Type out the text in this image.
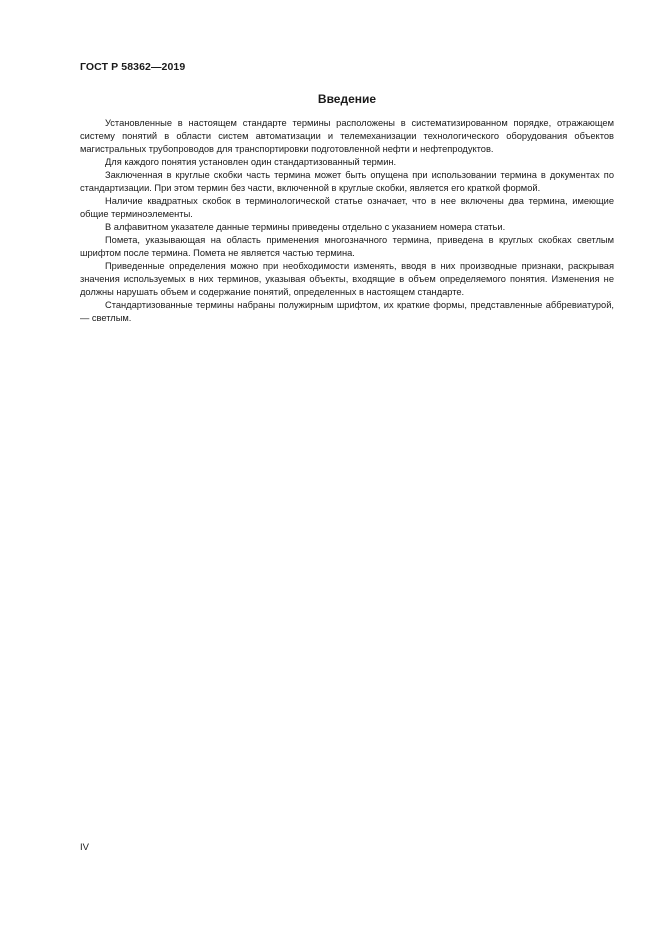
ГОСТ Р 58362—2019
Введение

Установленные в настоящем стандарте термины расположены в систематизированном порядке, отражающем систему понятий в области систем автоматизации и телемеханизации технологического оборудования объектов магистральных трубопроводов для транспортировки подготовленной нефти и нефтепродуктов.

Для каждого понятия установлен один стандартизованный термин.

Заключенная в круглые скобки часть термина может быть опущена при использовании термина в документах по стандартизации. При этом термин без части, включенной в круглые скобки, является его краткой формой.

Наличие квадратных скобок в терминологической статье означает, что в нее включены два термина, имеющие общие терминоэлементы.

В алфавитном указателе данные термины приведены отдельно с указанием номера статьи.

Помета, указывающая на область применения многозначного термина, приведена в круглых скобках светлым шрифтом после термина. Помета не является частью термина.

Приведенные определения можно при необходимости изменять, вводя в них производные признаки, раскрывая значения используемых в них терминов, указывая объекты, входящие в объем определяемого понятия. Изменения не должны нарушать объем и содержание понятий, определенных в настоящем стандарте.

Стандартизованные термины набраны полужирным шрифтом, их краткие формы, представленные аббревиатурой, — светлым.

IV
